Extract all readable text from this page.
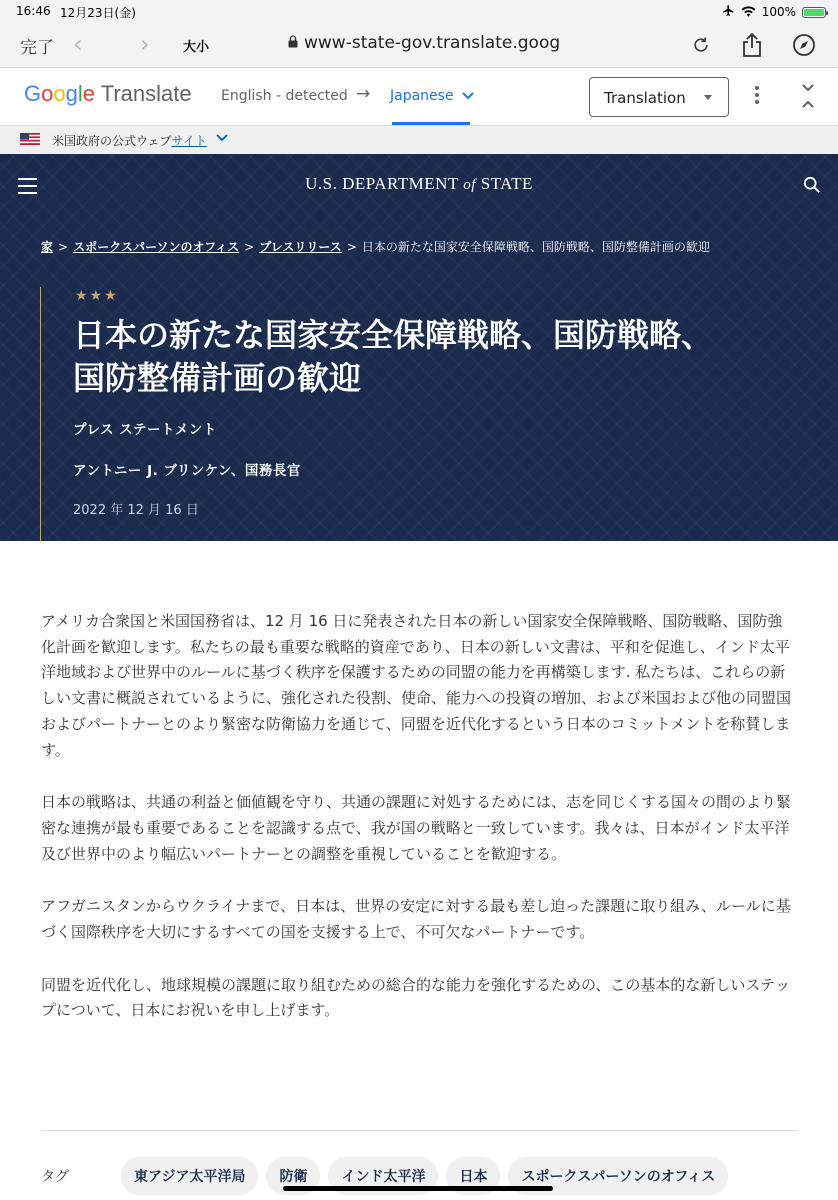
16:46 12月23日(金)	100%
完了 ‹ ›	大小	www-state-gov.translate.goog
Google Translate English - detected → Japanese	Translation
米国政府の公式ウェブサイト
U.S. DEPARTMENT of STATE
家 > スポークスパーソンのオフィス > プレスリリース > 日本の新たな国家安全保障戦略、国防戦略、国防整備計画の歓迎
★★★
日本の新たな国家安全保障戦略、国防戦略、国防整備計画の歓迎
プレス ステートメント
アントニー J. ブリンケン、国務長官
2022 年 12 月 16 日

アメリカ合衆国と米国国務省は、12 月 16 日に発表された日本の新しい国家安全保障戦略、国防戦略、国防強化計画を歓迎します。私たちの最も重要な戦略的資産であり、日本の新しい文書は、平和を促進し、インド太平洋地域および世界中のルールに基づく秩序を保護するための同盟の能力を再構築します. 私たちは、これらの新しい文書に概説されているように、強化された役割、使命、能力への投資の増加、および米国および他の同盟国およびパートナーとのより緊密な防衛協力を通じて、同盟を近代化するという日本のコミットメントを称賛します。

日本の戦略は、共通の利益と価値観を守り、共通の課題に対処するためには、志を同じくする国々の間のより緊密な連携が最も重要であることを認識する点で、我が国の戦略と一致しています。我々は、日本がインド太平洋及び世界中のより幅広いパートナーとの調整を重視していることを歓迎する。

アフガニスタンからウクライナまで、日本は、世界の安定に対する最も差し迫った課題に取り組み、ルールに基づく国際秩序を大切にするすべての国を支援する上で、不可欠なパートナーです。

同盟を近代化し、地球規模の課題に取り組むための総合的な能力を強化するための、この基本的な新しいステップについて、日本にお祝いを申し上げます。

タグ	東アジア太平洋局	防衛	インド太平洋	日本	スポークスパーソンのオフィス
